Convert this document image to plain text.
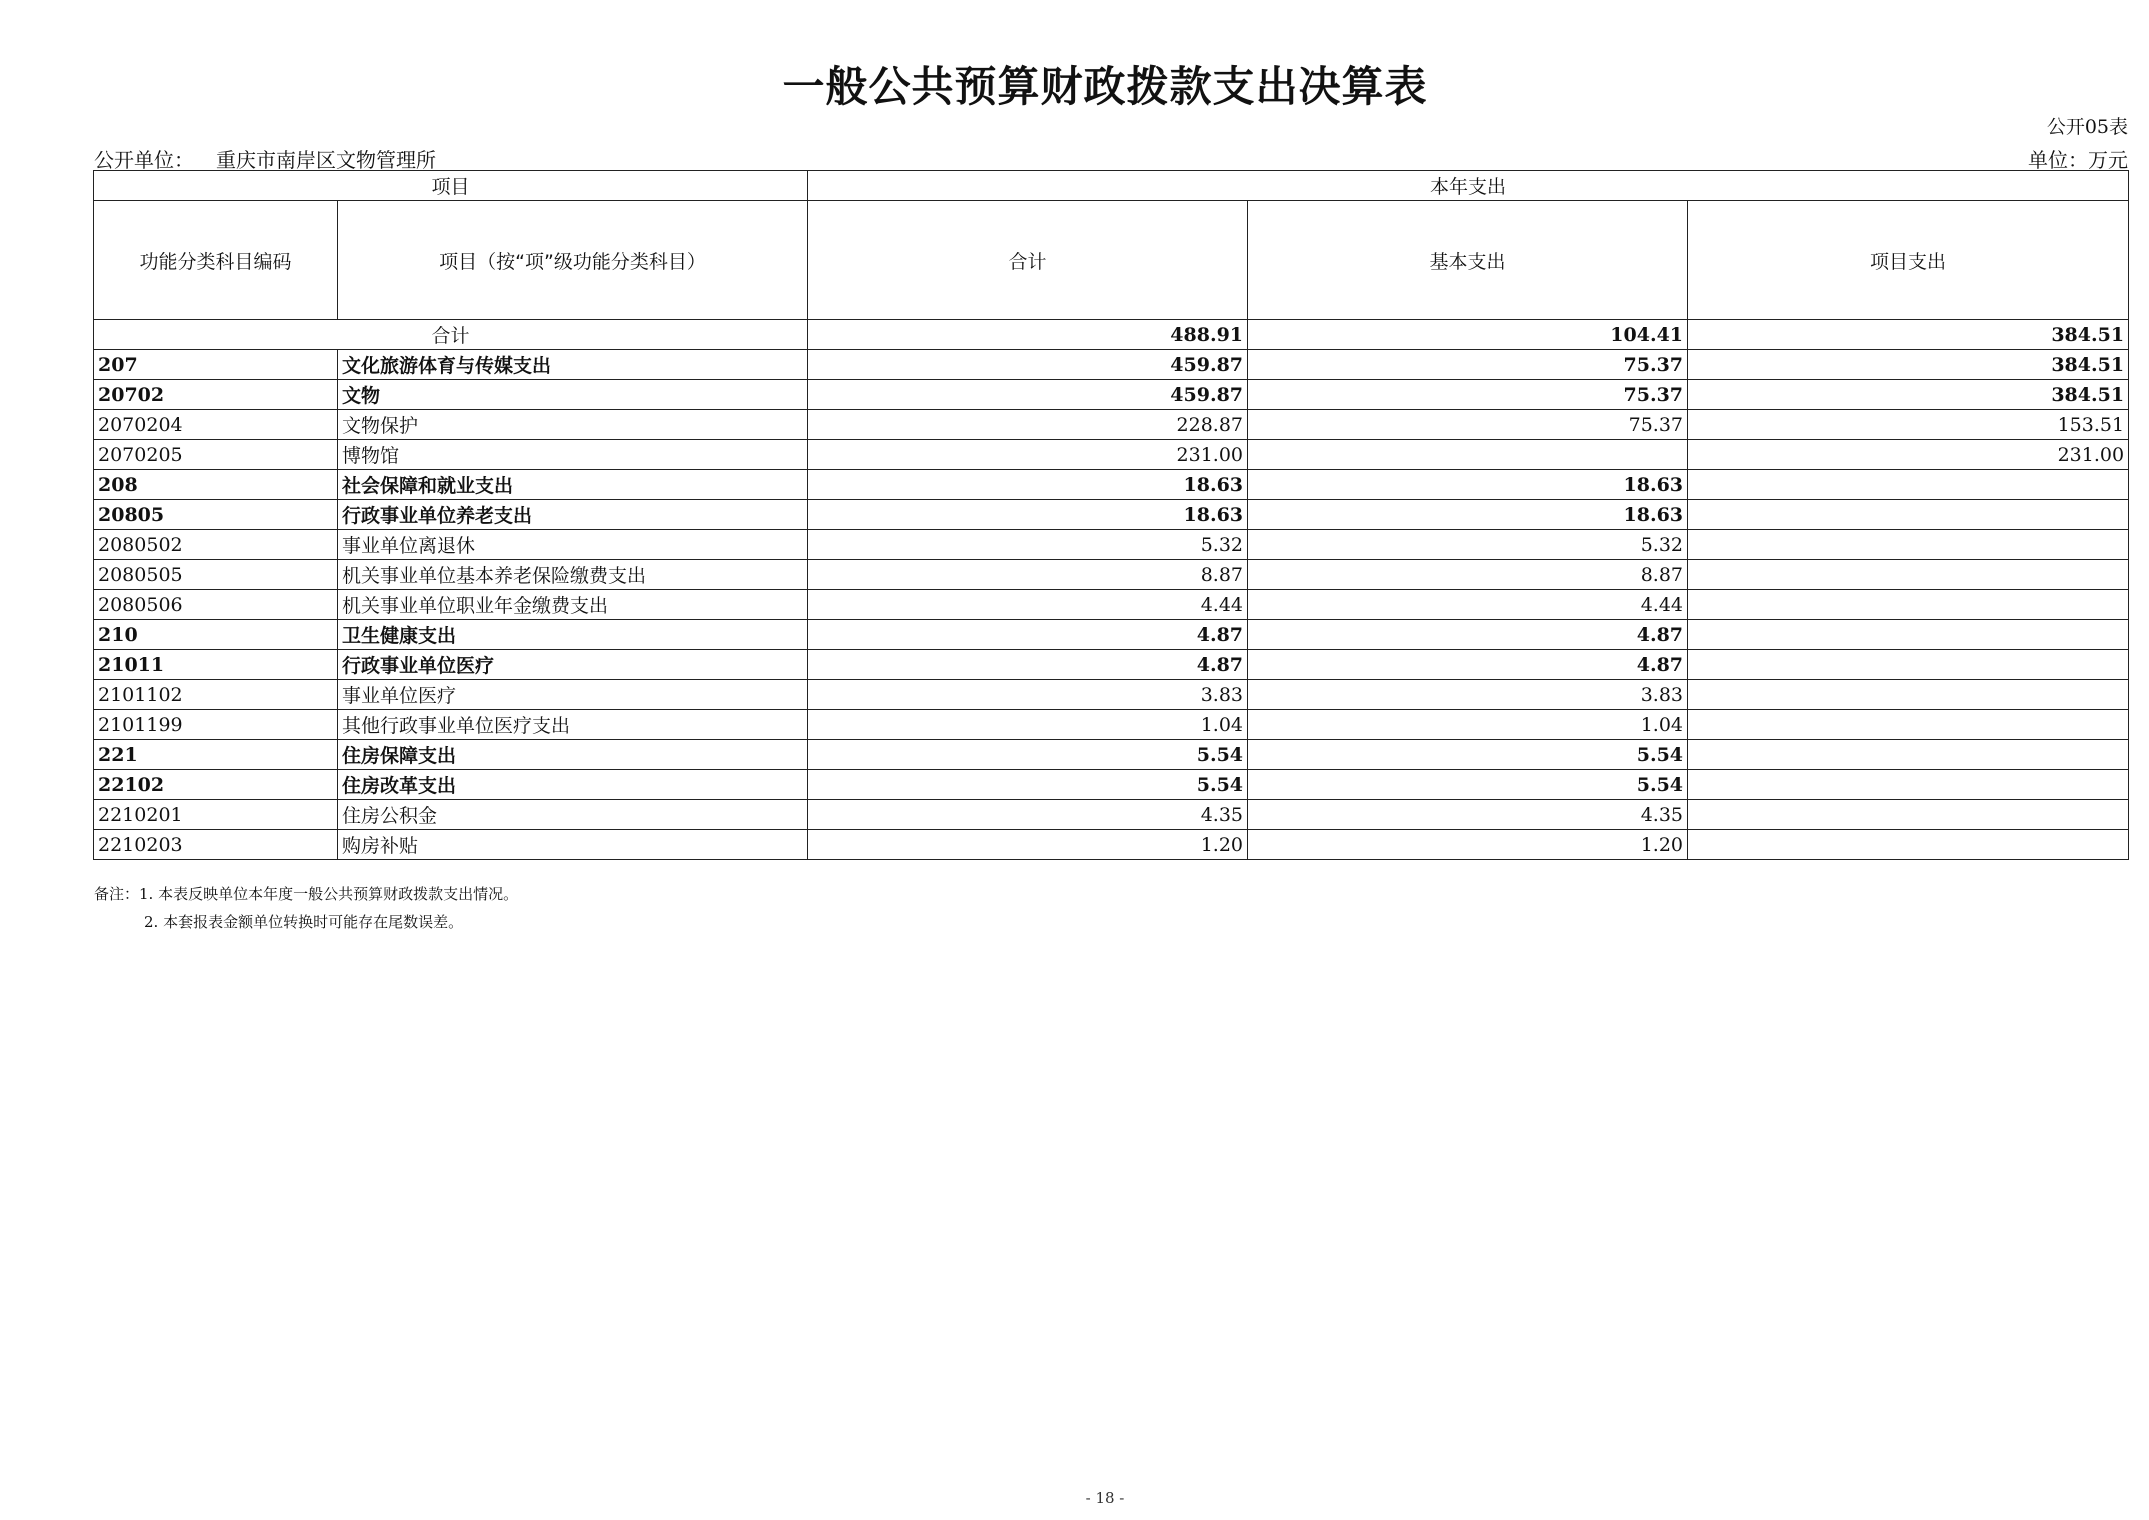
一般公共预算财政拨款支出决算表
公开05表
公开单位： 重庆市南岸区文物管理所	单位：万元
项目		本年支出		
功能分类科目编码	项目（按“项”级功能分类科目）	合计	基本支出	项目支出
合计		488.91	104.41	384.51
207	文化旅游体育与传媒支出	459.87	75.37	384.51
20702	文物	459.87	75.37	384.51
2070204	文物保护	228.87	75.37	153.51
2070205	博物馆	231.00		231.00
208	社会保障和就业支出	18.63	18.63	
20805	行政事业单位养老支出	18.63	18.63	
2080502	事业单位离退休	5.32	5.32	
2080505	机关事业单位基本养老保险缴费支出	8.87	8.87	
2080506	机关事业单位职业年金缴费支出	4.44	4.44	
210	卫生健康支出	4.87	4.87	
21011	行政事业单位医疗	4.87	4.87	
2101102	事业单位医疗	3.83	3.83	
2101199	其他行政事业单位医疗支出	1.04	1.04	
221	住房保障支出	5.54	5.54	
22102	住房改革支出	5.54	5.54	
2210201	住房公积金	4.35	4.35	
2210203	购房补贴	1.20	1.20	
备注：1. 本表反映单位本年度一般公共预算财政拨款支出情况。
2. 本套报表金额单位转换时可能存在尾数误差。
- 18 -
